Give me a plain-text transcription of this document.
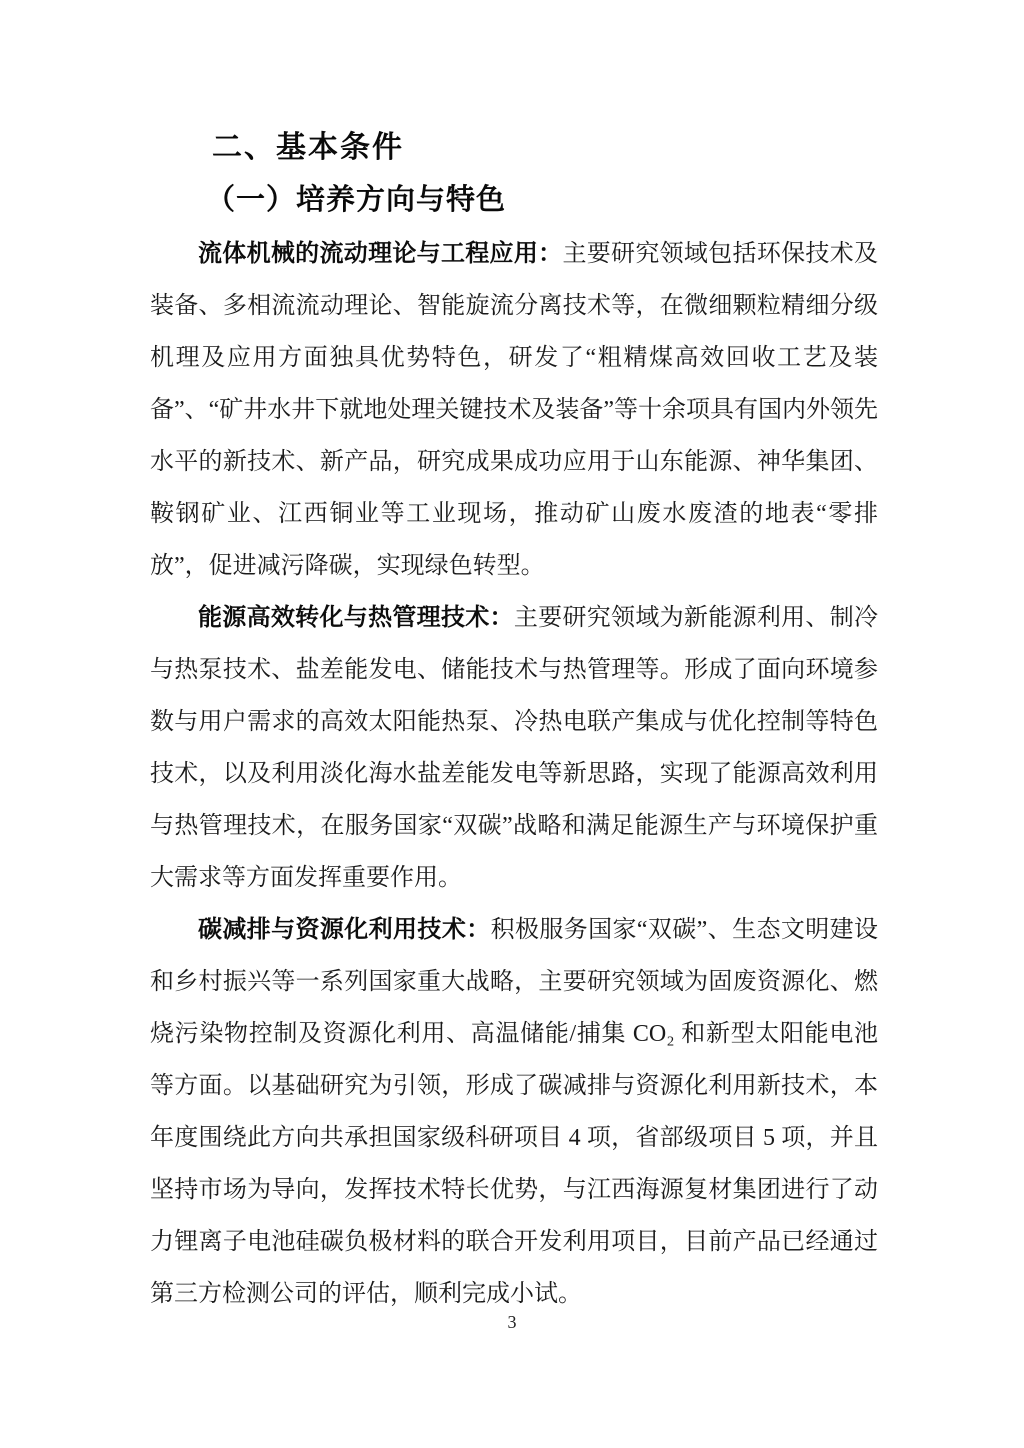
二、基本条件
（一）培养方向与特色

流体机械的流动理论与工程应用：主要研究领域包括环保技术及装备、多相流流动理论、智能旋流分离技术等，在微细颗粒精细分级机理及应用方面独具优势特色，研发了“粗精煤高效回收工艺及装备”、“矿井水井下就地处理关键技术及装备”等十余项具有国内外领先水平的新技术、新产品，研究成果成功应用于山东能源、神华集团、鞍钢矿业、江西铜业等工业现场，推动矿山废水废渣的地表“零排放”，促进减污降碳，实现绿色转型。

能源高效转化与热管理技术：主要研究领域为新能源利用、制冷与热泵技术、盐差能发电、储能技术与热管理等。形成了面向环境参数与用户需求的高效太阳能热泵、冷热电联产集成与优化控制等特色技术，以及利用淡化海水盐差能发电等新思路，实现了能源高效利用与热管理技术，在服务国家“双碳”战略和满足能源生产与环境保护重大需求等方面发挥重要作用。

碳减排与资源化利用技术：积极服务国家“双碳”、生态文明建设和乡村振兴等一系列国家重大战略，主要研究领域为固废资源化、燃烧污染物控制及资源化利用、高温储能/捕集 CO₂ 和新型太阳能电池等方面。以基础研究为引领，形成了碳减排与资源化利用新技术，本年度围绕此方向共承担国家级科研项目 4 项，省部级项目 5 项，并且坚持市场为导向，发挥技术特长优势，与江西海源复材集团进行了动力锂离子电池硅碳负极材料的联合开发利用项目，目前产品已经通过第三方检测公司的评估，顺利完成小试。

3
